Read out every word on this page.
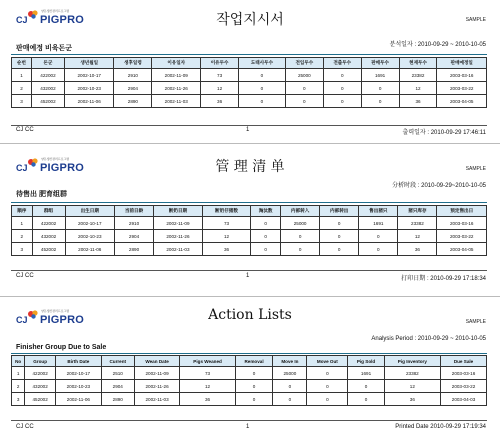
CJ
양돈생산관리프로그램
PIGPRO	작업지시서	SAMPLE
분석일자 : 2010-09-29 ~ 2010-10-05
판매예정 비육돈군
순번	돈군	생년월일	생후일령	이유일자	이유두수	도태사두수	전입두수	전출두수	판매두수	현재두수	판매예정일
1	422002	2002-10-17	2910	2002-11-09	73	0	25000	0	1691	23382	2003-03-16
2	432002	2002-10-23	2904	2002-11-26	12	0	0	0	0	12	2003-03-22
3	452002	2002-11-06	2890	2002-11-03	36	0	0	0	0	36	2003-04-05
CJ CC	1	출력일자 : 2010-09-29 17:46:11
CJ
양돈생산관리프로그램
PIGPRO	管 理 清 单	SAMPLE
分析时段 : 2010-09-29~2010-10-05
待售出 肥育组群
顺序	群组	出生日期	当前日龄	断奶日期	断奶仔猪数	淘汰数	内部转入	内部转出	售出猪只	猪只库存	预定售出日
1	422002	2002-10-17	2910	2002-11-09	73	0	25000	0	1691	23382	2003-03-16
2	432002	2002-10-23	2904	2002-11-26	12	0	0	0	0	12	2003-03-22
3	452002	2002-11-06	2890	2002-11-03	36	0	0	0	0	36	2003-04-05
CJ CC	1	打印日期 : 2010-09-29 17:18:34
CJ
양돈생산관리프로그램
PIGPRO	Action Lists	SAMPLE
Analysis Period : 2010-09-29 ~ 2010-10-05
Finisher Group Due to Sale
No	Group	Birth Date	Current	Wean Date	Pigs Weaned	Removal	Move In	Move Out	Pig Sold	Pig Inventory	Due Sale
1	422002	2002-10-17	2510	2002-11-09	73	0	25000	0	1691	23382	2003-03-16
2	432002	2002-10-23	2904	2002-11-26	12	0	0	0	0	12	2003-03-22
3	452002	2002-11-06	2890	2002-11-03	36	0	0	0	0	36	2003-04-03
CJ CC	1	Printed Date 2010-09-29 17:19:34
